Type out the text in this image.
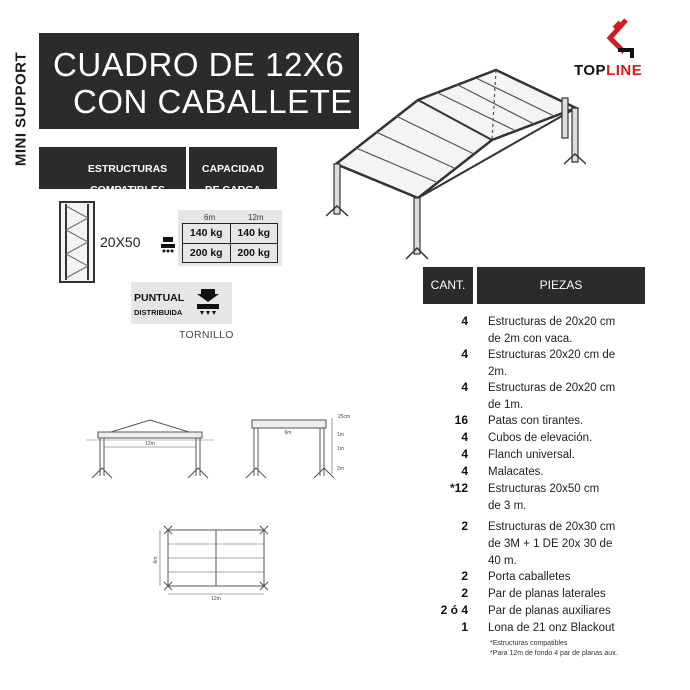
MINI SUPPORT CUADRO DE 12X6
CON CABALLETE
TOPLINE
ESTRUCTURAS
COMPATIBLES
CAPACIDAD
DE CARGA
20X50
6m	12m
140 kg	140 kg
200 kg	200 kg
PUNTUAL
DISTRIBUIDA
TORNILLO
12m
25cm
1m
1m
2m
6m
12m
6m
CANT.	PIEZAS
4 Estructuras de 20x20 cm
de 2m con vaca.
4 Estructuras 20x20 cm de
2m.
4 Estructuras de 20x20 cm
de 1m.
16 Patas con tirantes.
4 Cubos de elevación.
4 Flanch universal.
4 Malacates.
*12 Estructuras 20x50 cm
de 3 m.
2 Estructuras de 20x30 cm
de 3M + 1 DE 20x 30 de
40 m.
2 Porta caballetes
2 Par de planas laterales
2 ó 4 Par de planas auxiliares
1 Lona de 21 onz Blackout
*Estructuras compatibles
*Para 12m de fondo 4 par de planas aux.
